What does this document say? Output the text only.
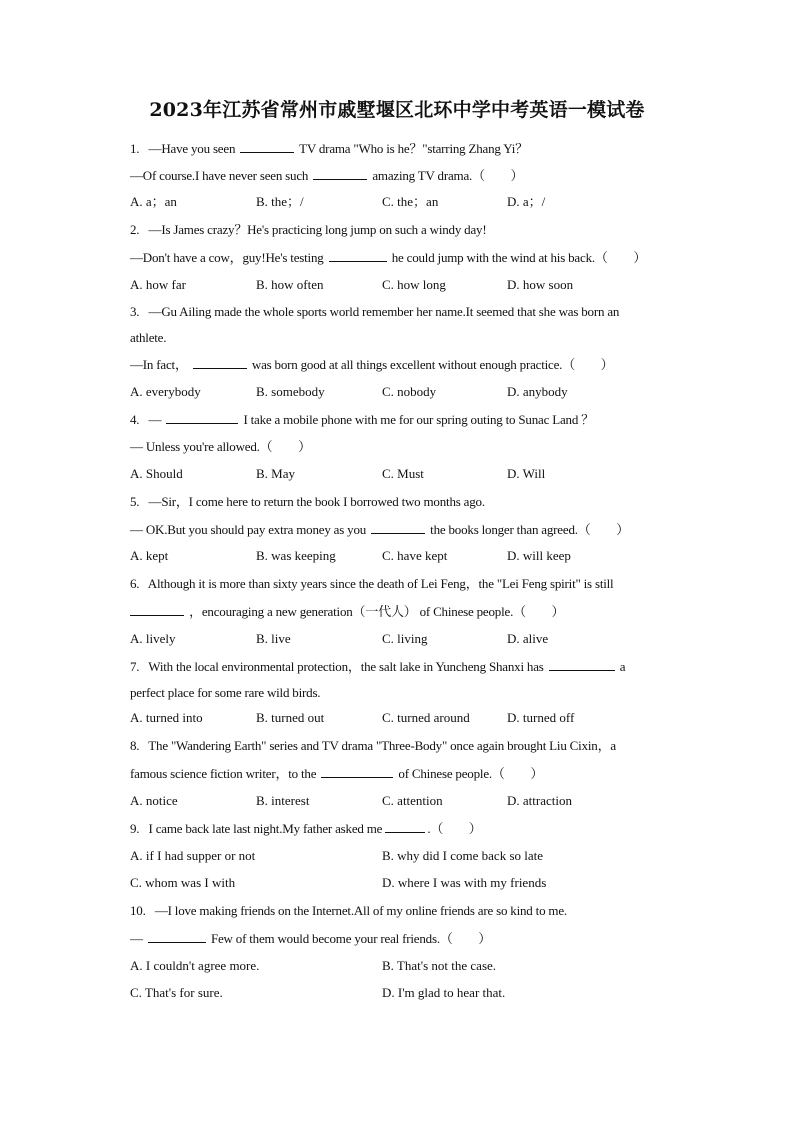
2023年江苏省常州市戚墅堰区北环中学中考英语一模试卷
1. —Have you seen	TV drama "Who is he？"starring Zhang Yi？
—Of course.I have never seen such	amazing TV drama.（　　）
A. a；an	B. the；/	C. the；an	D. a；/
2. —Is James crazy？He's practicing long jump on such a windy day!
—Don't have a cow，guy!He's testing	he could jump with the wind at his back.（　　）
A. how far	B. how often	C. how long	D. how soon
3. —Gu Ailing made the whole sports world remember her name.It seemed that she was born an
athlete.
—In fact，	was born good at all things excellent without enough practice.（　　）
A. everybody	B. somebody	C. nobody	D. anybody
4. —	I take a mobile phone with me for our spring outing to Sunac Land ？
— Unless you're allowed.（　　）
A. Should	B. May	C. Must	D. Will
5. —Sir，I come here to return the book I borrowed two months ago.
— OK.But you should pay extra money as you	the books longer than agreed.（　　）
A. kept	B. was keeping	C. have kept	D. will keep
6. Although it is more than sixty years since the death of Lei Feng，the "Lei Feng spirit" is still
，encouraging a new generation（一代人） of Chinese people.（　　）
A. lively	B. live	C. living	D. alive
7. With the local environmental protection，the salt lake in Yuncheng Shanxi has	a
perfect place for some rare wild birds.
A. turned into	B. turned out	C. turned around	D. turned off
8. The "Wandering Earth" series and TV drama "Three-Body" once again brought Liu Cixin，a
famous science fiction writer，to the	of Chinese people.（　　）
A. notice	B. interest	C. attention	D. attraction
9. I came back late last night.My father asked me	.（　　）
A. if I had supper or not	B. why did I come back so late
C. whom was I with	D. where I was with my friends
10. —I love making friends on the Internet.All of my online friends are so kind to me.
—	Few of them would become your real friends.（　　）
A. I couldn't agree more.	B. That's not the case.
C. That's for sure.	D. I'm glad to hear that.
